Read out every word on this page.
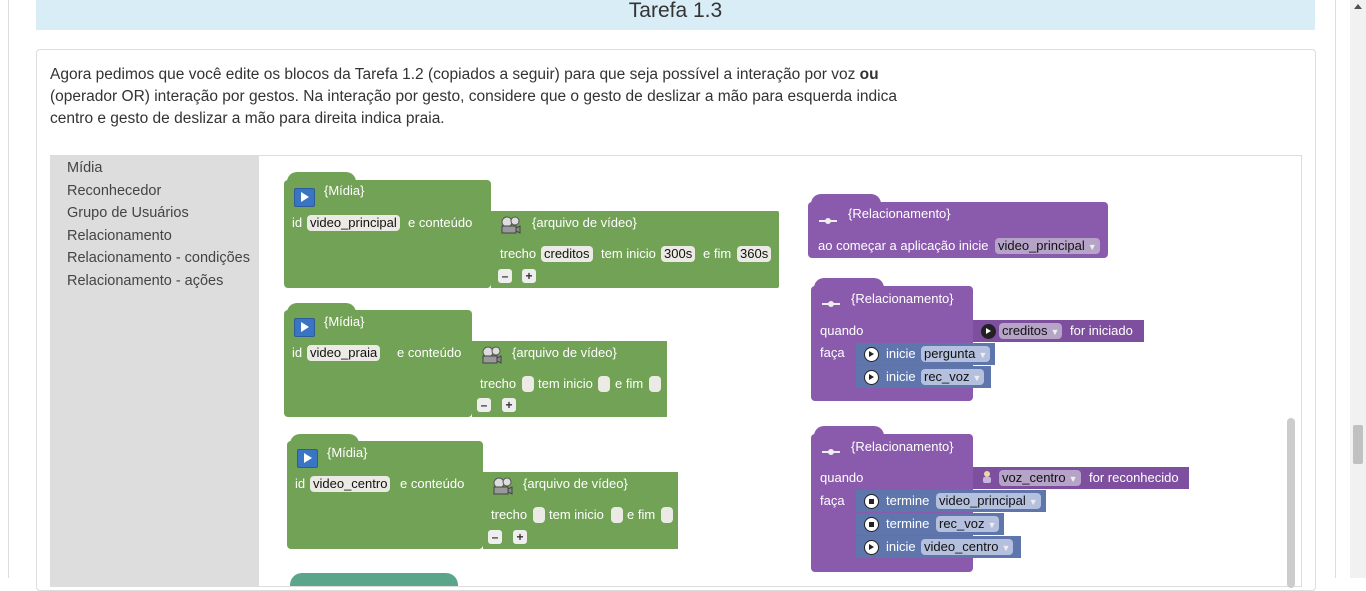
Tarefa 1.3
Agora pedimos que você edite os blocos da Tarefa 1.2 (copiados a seguir) para que seja possível a interação por voz ou (operador OR) interação por gestos. Na interação por gesto, considere que o gesto de deslizar a mão para esquerda indica centro e gesto de deslizar a mão para direita indica praia.
Mídia
Reconhecedor
Grupo de Usuários
Relacionamento
Relacionamento - condições
Relacionamento - ações
{Mídia}
id video_principal e conteúdo	{arquivo de vídeo}
trecho creditos tem inicio 300s e fim 360s
–	+
{Mídia}
id video_praia e conteúdo	{arquivo de vídeo}
trecho tem inicio e fim
–	+
{Mídia}
id video_centro e conteúdo	{arquivo de vídeo}
trecho tem inicio e fim
–	+
{Relacionamento}
ao começar a aplicação inicie video_principal ▼
{Relacionamento}
quando
faça
creditos ▼ for iniciado
inicie pergunta ▼
inicie rec_voz ▼
{Relacionamento}
quando
faça
voz_centro ▼ for reconhecido
termine video_principal ▼
termine rec_voz ▼
inicie video_centro ▼
